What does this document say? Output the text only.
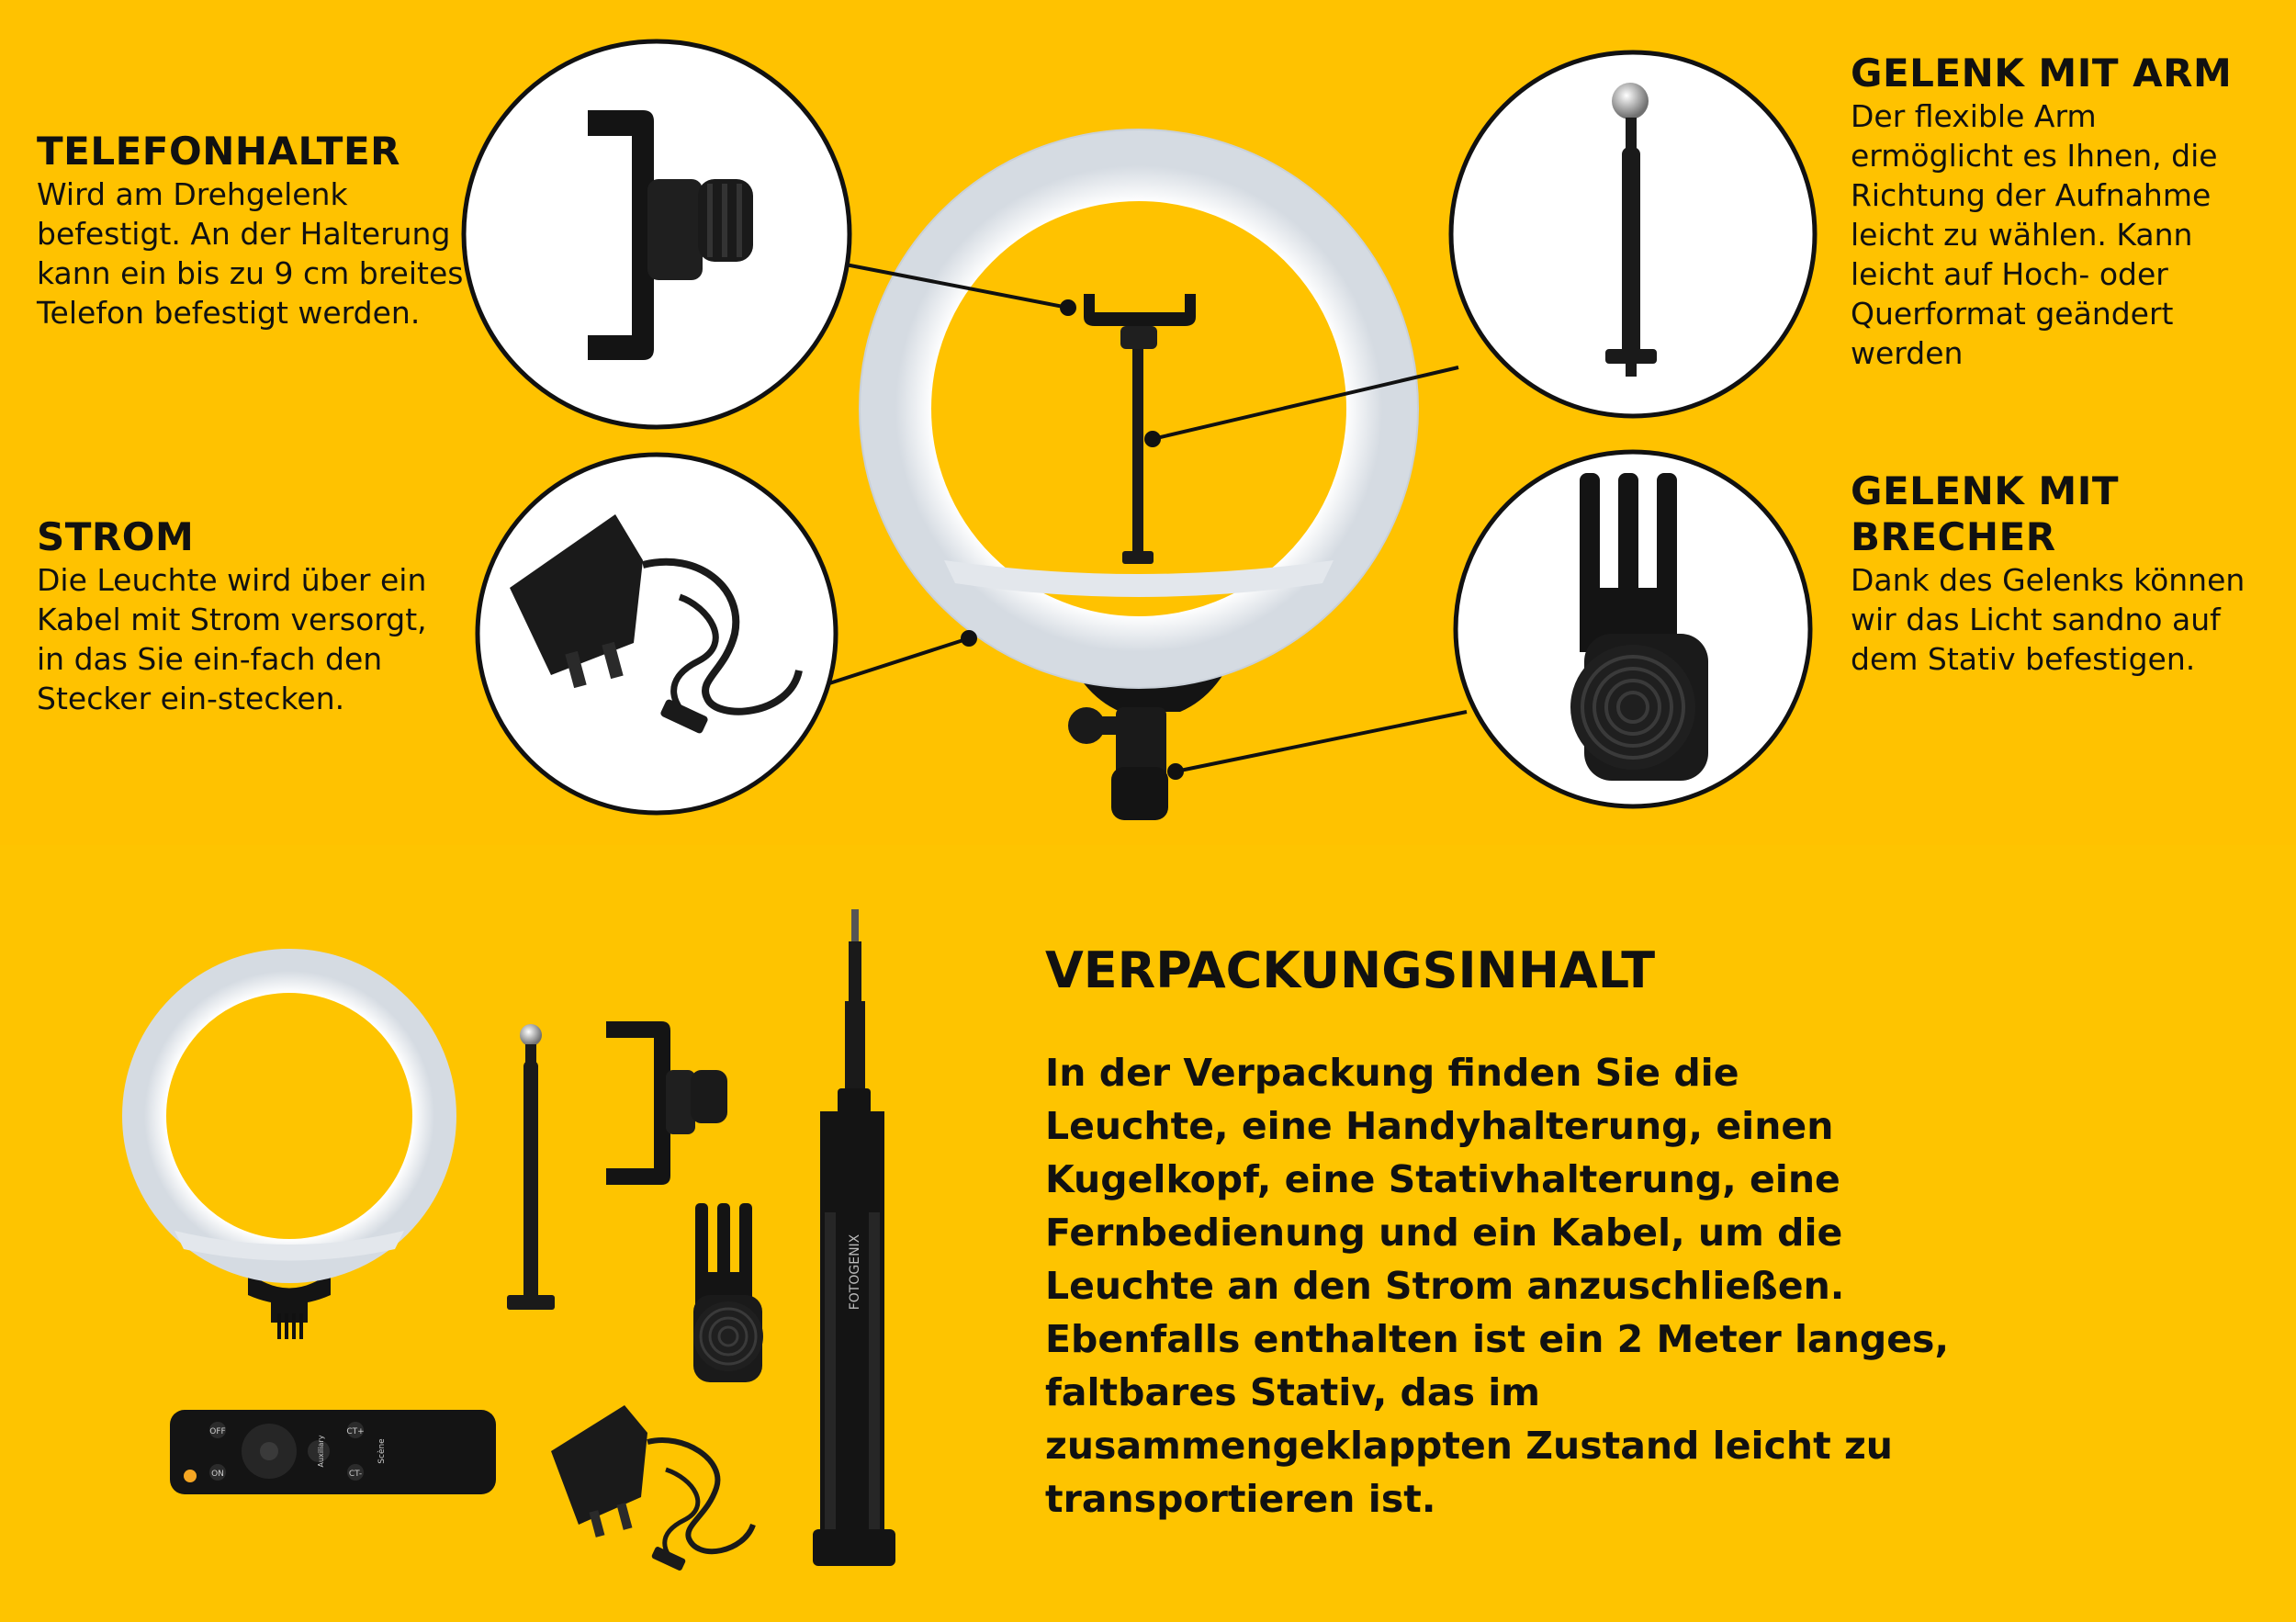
FOTOGENIX
OFF
ON
Auxiliary
CT+
CT-
Scène
TELEFONHALTER

Wird am Drehgelenk befestigt. An der Halterung kann ein bis zu 9 cm breites Telefon befestigt werden.

STROM

Die Leuchte wird über ein Kabel mit Strom versorgt, in das Sie ein-fach den Stecker ein-stecken.

GELENK MIT ARM

Der flexible Arm ermöglicht es Ihnen, die Richtung der Aufnahme leicht zu wählen. Kann leicht auf Hoch- oder Querformat geändert werden

GELENK MIT BRECHER

Dank des Gelenks können wir das Licht sandno auf dem Stativ befestigen.

VERPACKUNGSINHALT

In der Verpackung finden Sie die
Leuchte, eine Handyhalterung, einen
Kugelkopf, eine Stativhalterung, eine
Fernbedienung und ein Kabel, um die
Leuchte an den Strom anzuschließen.
Ebenfalls enthalten ist ein 2 Meter langes,
faltbares Stativ, das im
zusammengeklappten Zustand leicht zu
transportieren ist.
